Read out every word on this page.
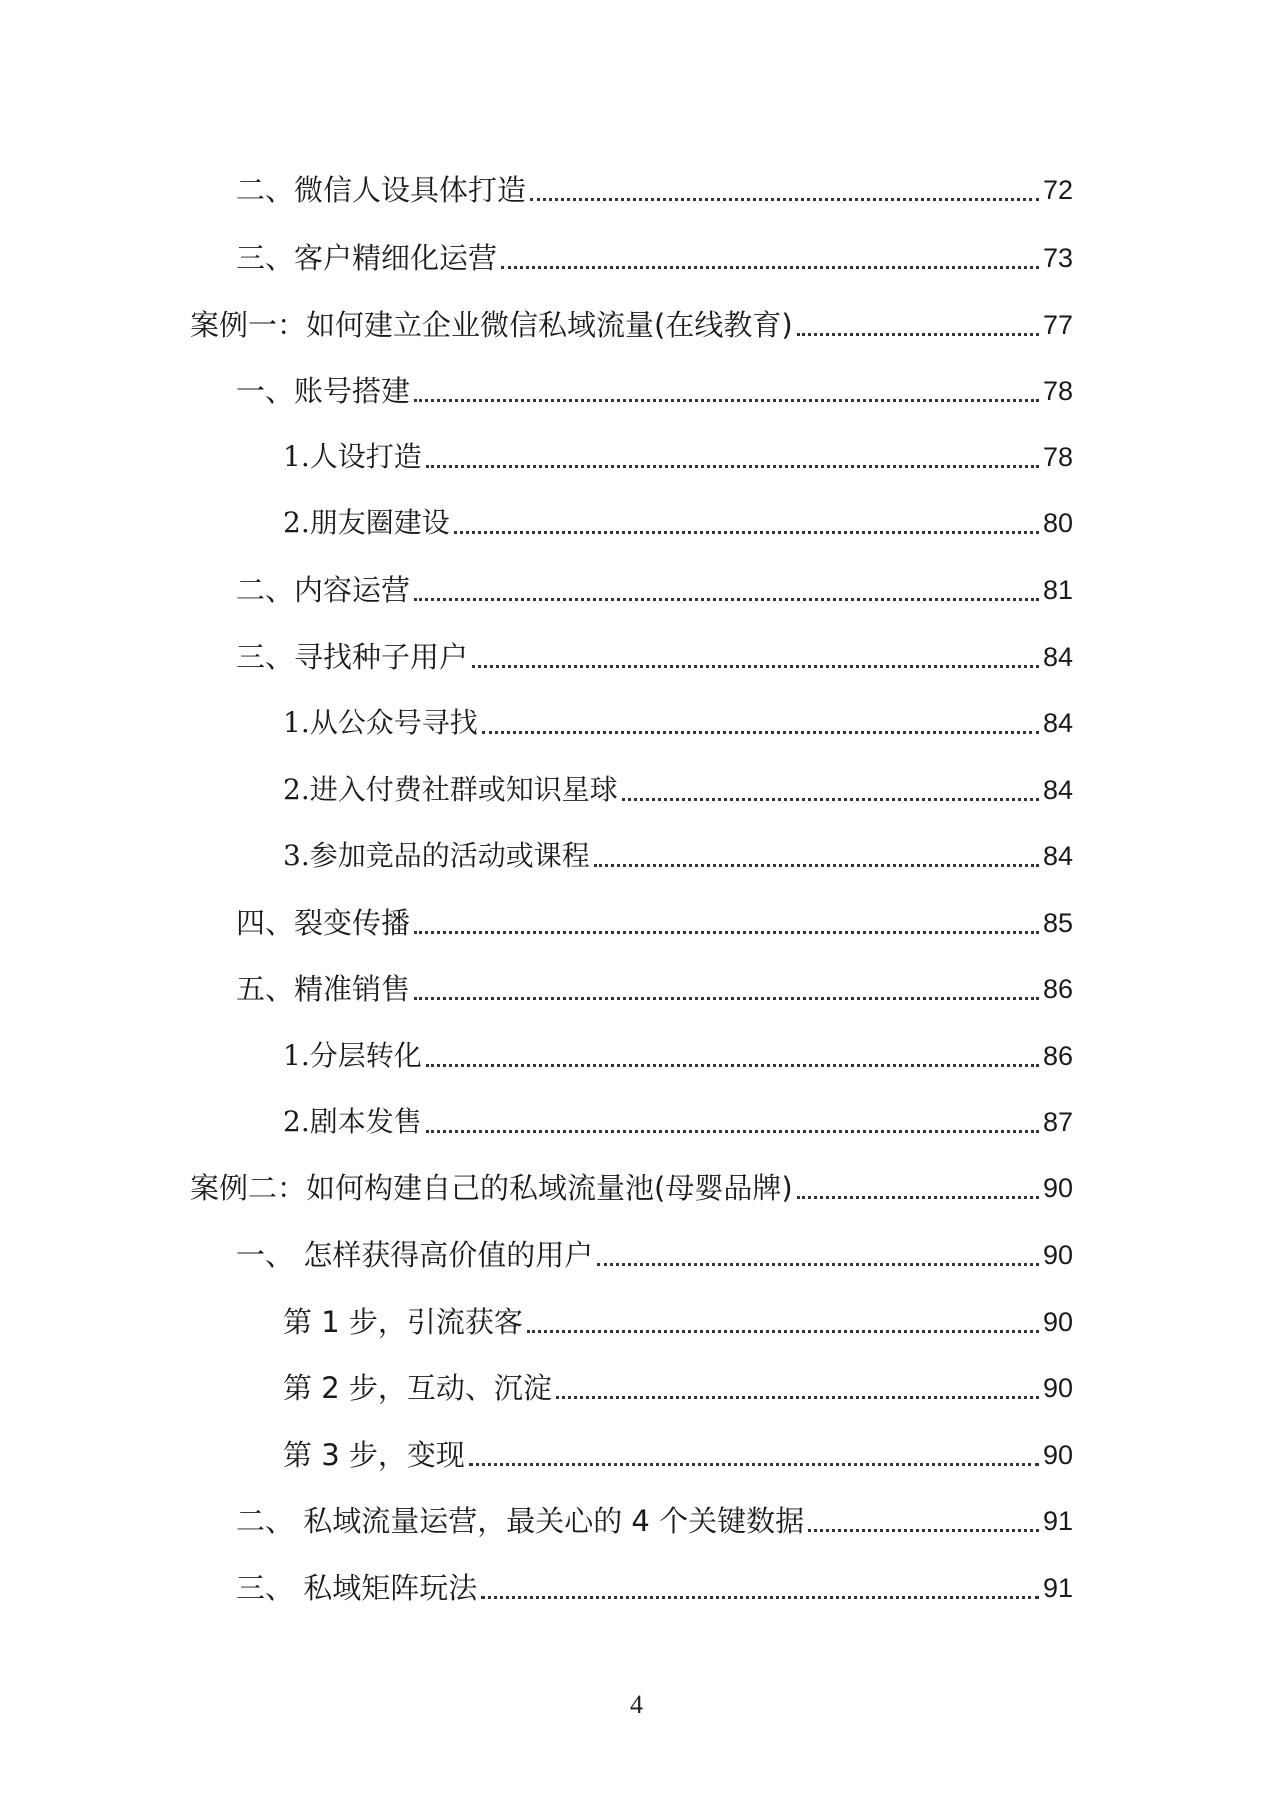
二、微信人设具体打造	72
三、客户精细化运营	73
案例一：如何建立企业微信私域流量(在线教育)	77
一、账号搭建	78
1.人设打造	78
2.朋友圈建设	80
二、内容运营	81
三、寻找种子用户	84
1.从公众号寻找	84
2.进入付费社群或知识星球	84
3.参加竞品的活动或课程	84
四、裂变传播	85
五、精准销售	86
1.分层转化	86
2.剧本发售	87
案例二：如何构建自己的私域流量池(母婴品牌)	90
一、 怎样获得高价值的用户	90
第 1 步，引流获客	90
第 2 步，互动、沉淀	90
第 3 步，变现	90
二、 私域流量运营，最关心的 4 个关键数据	91
三、 私域矩阵玩法	91
4
